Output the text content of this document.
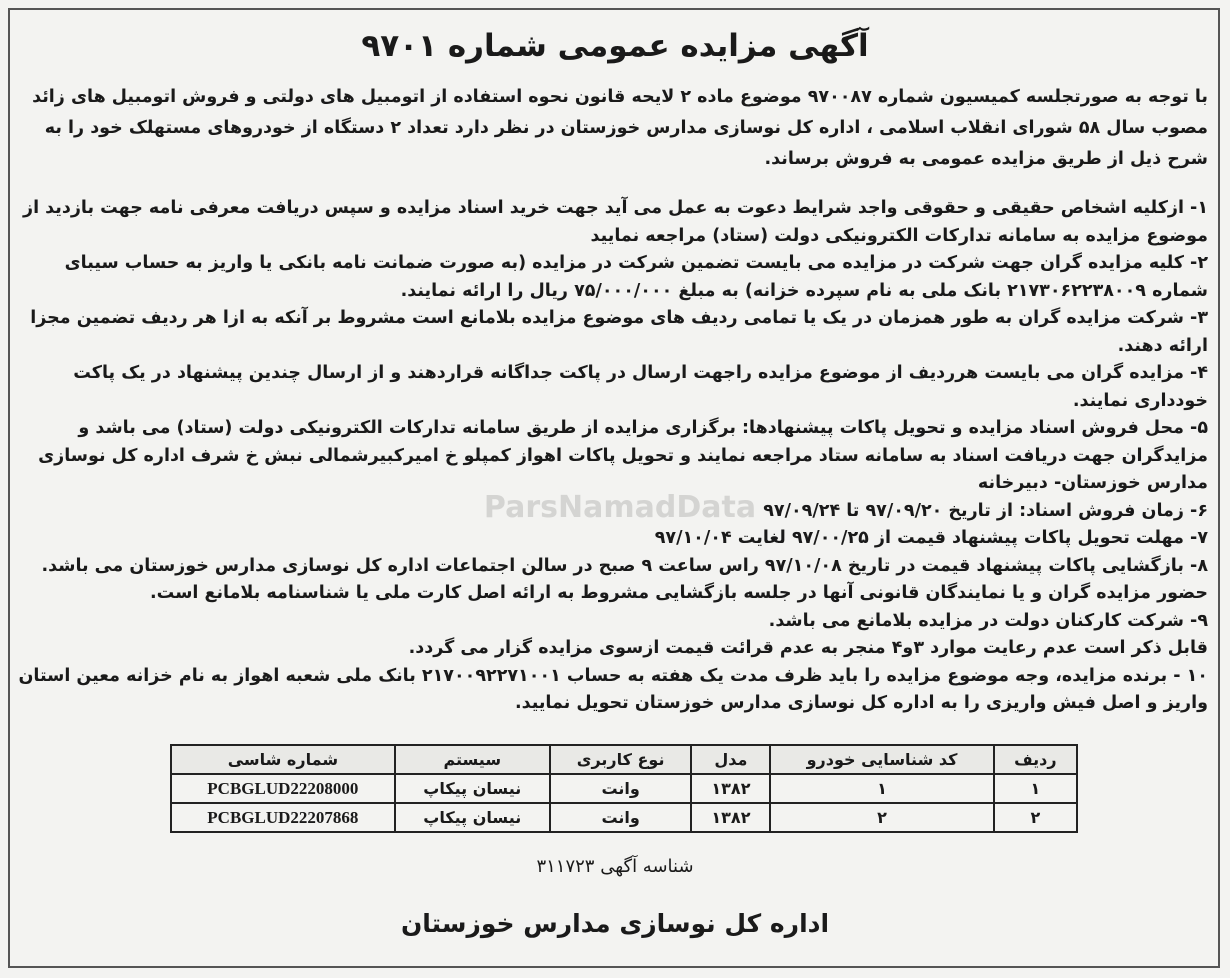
آگهی مزایده عمومی شماره ۹۷۰۱
با توجه به صورتجلسه کمیسیون شماره ۹۷۰۰۸۷ موضوع ماده ۲ لایحه قانون نحوه استفاده از اتومبیل های دولتی و فروش اتومبیل های زائد مصوب سال ۵۸ شورای انقلاب اسلامی ، اداره کل نوسازی مدارس خوزستان در نظر دارد تعداد ۲ دستگاه از خودروهای مستهلک خود را به شرح ذیل از طریق مزایده عمومی به فروش برساند.

۱- ازکلیه اشخاص حقیقی و حقوقی واجد شرایط دعوت به عمل می آید جهت خرید اسناد مزایده و سپس دریافت معرفی نامه جهت بازدید از موضوع مزایده به سامانه تدارکات الکترونیکی دولت (ستاد) مراجعه نمایید

۲- کلیه مزایده گران جهت شرکت در مزایده می بایست تضمین شرکت در مزایده (به صورت ضمانت نامه بانکی یا واریز به حساب سیبای شماره ۲۱۷۳۰۶۲۲۳۸۰۰۹ بانک ملی به نام سپرده خزانه) به مبلغ ۷۵/۰۰۰/۰۰۰ ریال را ارائه نمایند.

۳- شرکت مزایده گران به طور همزمان در یک یا تمامی ردیف های موضوع مزایده بلامانع است مشروط بر آنکه به ازا هر ردیف تضمین مجزا ارائه دهند.

۴- مزایده گران می بایست هرردیف از موضوع مزایده راجهت ارسال در پاکت جداگانه قراردهند و از ارسال چندین پیشنهاد در یک پاکت خودداری نمایند.

۵- محل فروش اسناد مزایده و تحویل پاکات پیشنهادها: برگزاری مزایده از طریق سامانه تدارکات الکترونیکی دولت (ستاد) می باشد و مزایدگران جهت دریافت اسناد به سامانه ستاد مراجعه نمایند و تحویل پاکات اهواز کمپلو خ امیرکبیرشمالی نبش خ شرف اداره کل نوسازی مدارس خوزستان- دبیرخانه

۶- زمان فروش اسناد: از تاریخ ۹۷/۰۹/۲۰ تا ۹۷/۰۹/۲۴

۷- مهلت تحویل پاکات پیشنهاد قیمت از ۹۷/۰۰/۲۵ لغایت ۹۷/۱۰/۰۴

۸- بازگشایی پاکات پیشنهاد قیمت در تاریخ ۹۷/۱۰/۰۸ راس ساعت ۹ صبح در سالن اجتماعات اداره کل نوسازی مدارس خوزستان می باشد. حضور مزایده گران و یا نمایندگان قانونی آنها در جلسه بازگشایی مشروط به ارائه اصل کارت ملی یا شناسنامه بلامانع است.

۹- شرکت کارکنان دولت در مزایده بلامانع می باشد.

قابل ذکر است عدم رعایت موارد ۳و۴ منجر به عدم قرائت قیمت ازسوی مزایده گزار می گردد.

۱۰ - برنده مزایده، وجه موضوع مزایده را باید ظرف مدت یک هفته به حساب ۲۱۷۰۰۹۲۲۷۱۰۰۱ بانک ملی شعبه اهواز به نام خزانه معین استان واریز و اصل فیش واریزی را به اداره کل نوسازی مدارس خوزستان تحویل نمایید.

ردیف	کد شناسایی خودرو	مدل	نوع کاربری	سیستم	شماره شاسی
۱	۱	۱۳۸۲	وانت	نیسان پیکاپ	PCBGLUD22208000
۲	۲	۱۳۸۲	وانت	نیسان پیکاپ	PCBGLUD22207868
شناسه آگهی ۳۱۱۷۲۳
اداره کل نوسازی مدارس خوزستان
ParsNamadData
